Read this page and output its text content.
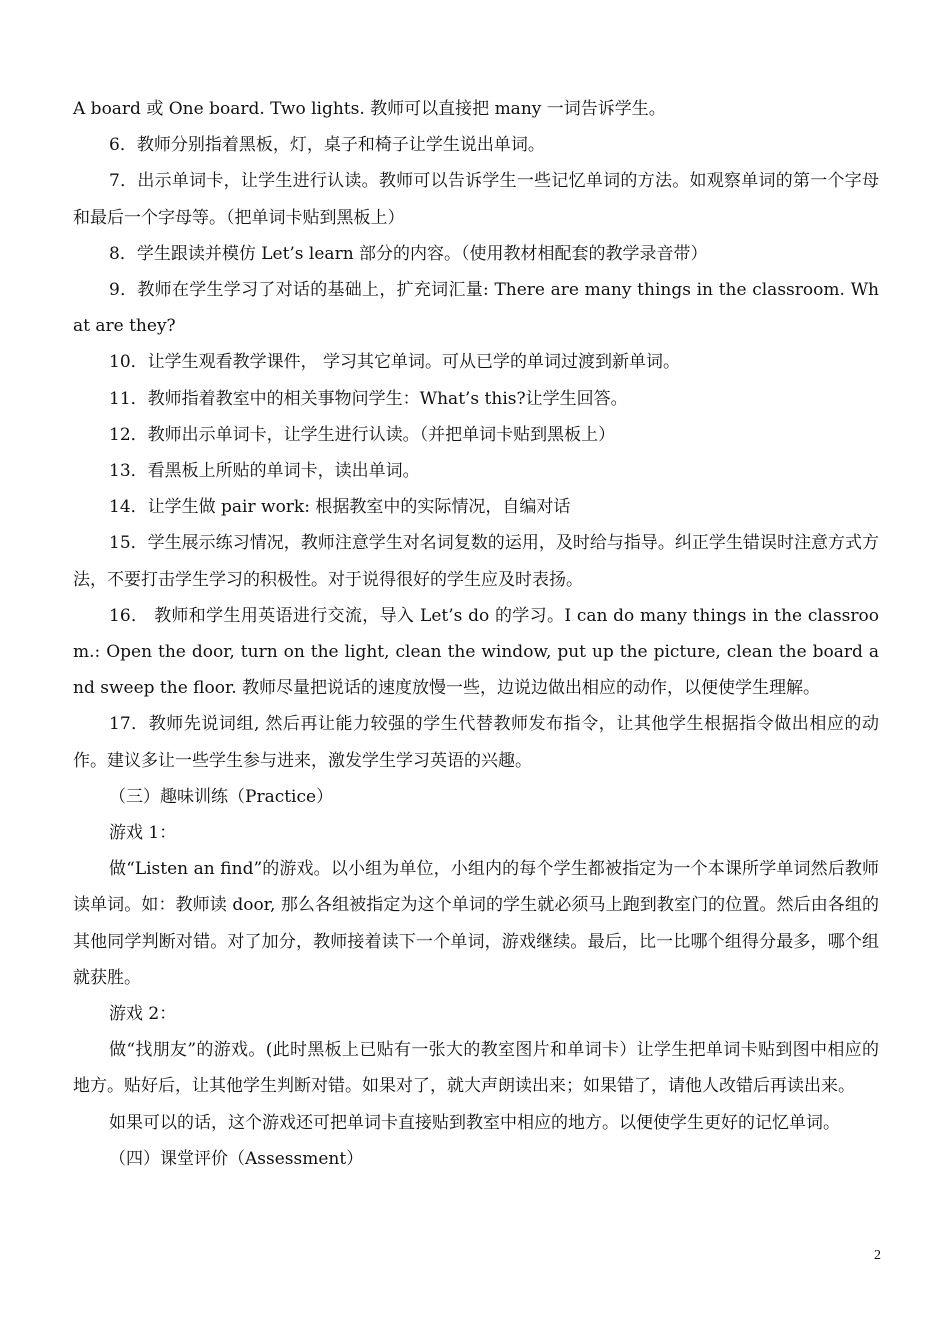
A board 或 One board. Two lights. 教师可以直接把 many 一词告诉学生。

6．教师分别指着黑板，灯，桌子和椅子让学生说出单词。

7．出示单词卡，让学生进行认读。教师可以告诉学生一些记忆单词的方法。如观察单词的第一个字母和最后一个字母等。（把单词卡贴到黑板上）

8．学生跟读并模仿 Let’s learn 部分的内容。（使用教材相配套的教学录音带）

9．教师在学生学习了对话的基础上，扩充词汇量: There are many things in the classroom. What are they?

10．让学生观看教学课件， 学习其它单词。可从已学的单词过渡到新单词。

11．教师指着教室中的相关事物问学生：What’s this?让学生回答。

12．教师出示单词卡，让学生进行认读。（并把单词卡贴到黑板上）

13．看黑板上所贴的单词卡，读出单词。

14．让学生做 pair work: 根据教室中的实际情况，自编对话

15．学生展示练习情况，教师注意学生对名词复数的运用，及时给与指导。纠正学生错误时注意方式方法，不要打击学生学习的积极性。对于说得很好的学生应及时表扬。

16． 教师和学生用英语进行交流，导入 Let’s do 的学习。I can do many things in the classroom.: Open the door, turn on the light, clean the window, put up the picture, clean the board and sweep the floor. 教师尽量把说话的速度放慢一些，边说边做出相应的动作，以便使学生理解。

17．教师先说词组, 然后再让能力较强的学生代替教师发布指令，让其他学生根据指令做出相应的动作。建议多让一些学生参与进来，激发学生学习英语的兴趣。

（三）趣味训练（Practice）

游戏 1：

做“Listen an find”的游戏。以小组为单位，小组内的每个学生都被指定为一个本课所学单词然后教师读单词。如：教师读 door, 那么各组被指定为这个单词的学生就必须马上跑到教室门的位置。然后由各组的其他同学判断对错。对了加分，教师接着读下一个单词，游戏继续。最后，比一比哪个组得分最多，哪个组就获胜。

游戏 2：

做“找朋友”的游戏。(此时黑板上已贴有一张大的教室图片和单词卡）让学生把单词卡贴到图中相应的地方。贴好后，让其他学生判断对错。如果对了，就大声朗读出来；如果错了，请他人改错后再读出来。

如果可以的话，这个游戏还可把单词卡直接贴到教室中相应的地方。以便使学生更好的记忆单词。

（四）课堂评价（Assessment）

2
